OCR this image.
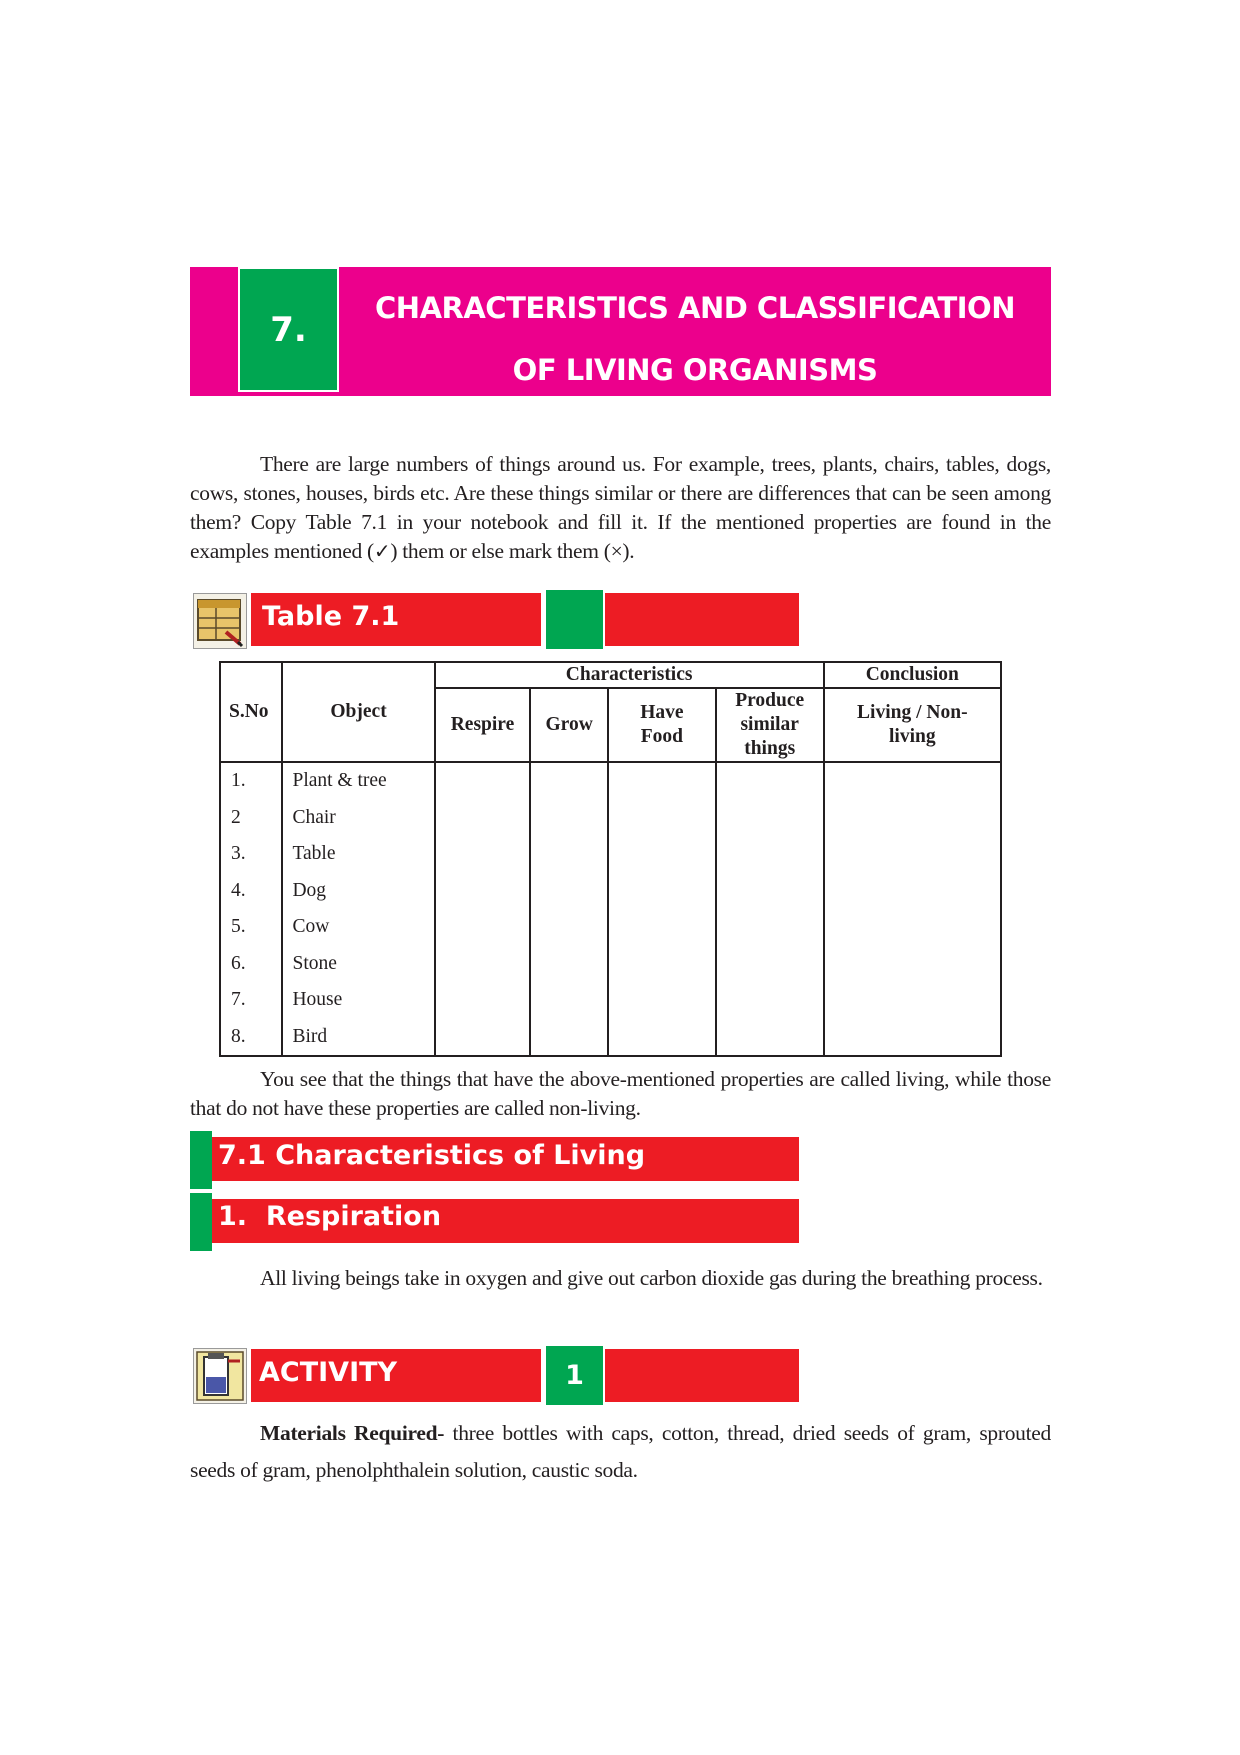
7.
CHARACTERISTICS AND CLASSIFICATION
OF LIVING ORGANISMS
There are large numbers of things around us. For example, trees, plants, chairs, tables, dogs, cows, stones, houses, birds etc. Are these things similar or there are differences that can be seen among them? Copy Table 7.1 in your notebook and fill it. If the mentioned properties are found in the examples mentioned (✓) them or else mark them (×).
Table 7.1
S.No	Object	Characteristics				Conclusion
		Respire	Grow	Have Food	Produce similar things	Living / Non-living
1.	Plant & tree					
2	Chair					
3.	Table					
4.	Dog					
5.	Cow					
6.	Stone					
7.	House					
8.	Bird					
You see that the things that have the above-mentioned properties are called living, while those that do not have these properties are called non-living.
7.1 Characteristics of Living
1.  Respiration
All living beings take in oxygen and give out carbon dioxide gas during the breathing process.
ACTIVITY	1
Materials Required- three bottles with caps, cotton, thread, dried seeds of gram, sprouted seeds of gram, phenolphthalein solution, caustic soda.
